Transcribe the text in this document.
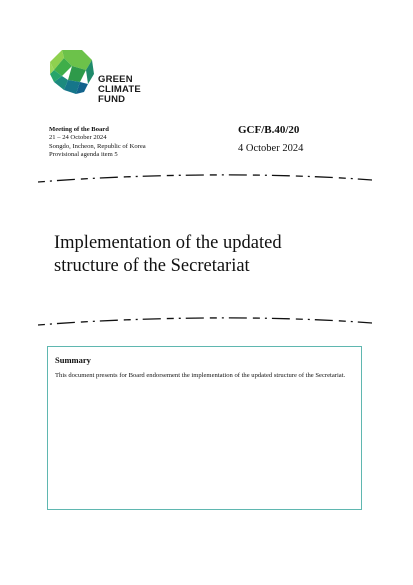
GREEN
CLIMATE
FUND
Meeting of the Board
21 – 24 October 2024
Songdo, Incheon, Republic of Korea
Provisional agenda item 5
GCF/B.40/20
4 October 2024
Implementation of the updated
structure of the Secretariat
Summary
This document presents for Board endorsement the implementation of the updated structure of the Secretariat.
